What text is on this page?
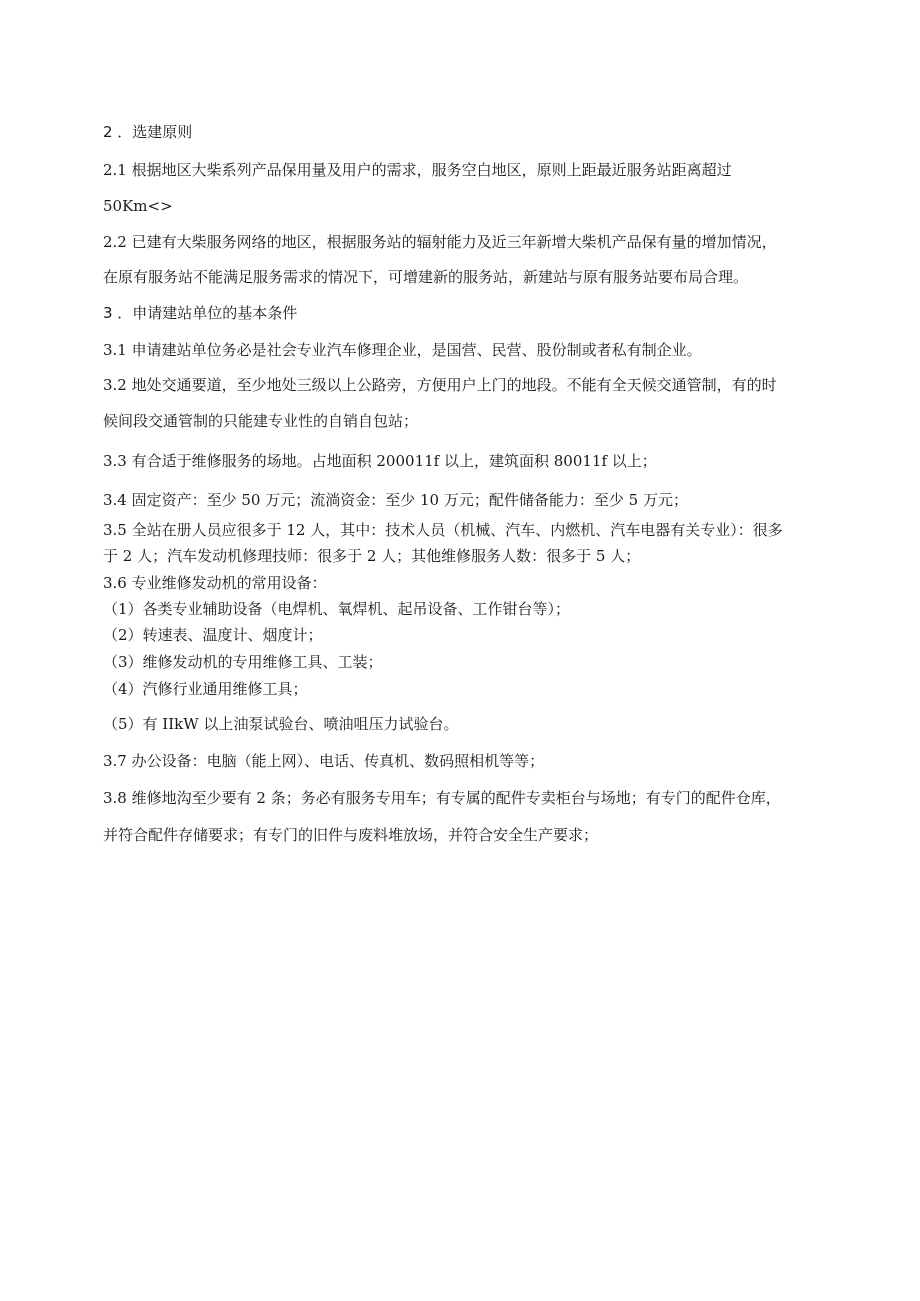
2 ．选建原则
2.1 根据地区大柴系列产品保用量及用户的需求，服务空白地区，原则上距最近服务站距离超过
50Km<>
2.2 已建有大柴服务网络的地区，根据服务站的辐射能力及近三年新增大柴机产品保有量的增加情况，
在原有服务站不能满足服务需求的情况下，可增建新的服务站，新建站与原有服务站要布局合理。
3 ．申请建站单位的基本条件
3.1 申请建站单位务必是社会专业汽车修理企业，是国营、民营、股份制或者私有制企业。
3.2 地处交通要道，至少地处三级以上公路旁，方便用户上门的地段。不能有全天候交通管制，有的时
候间段交通管制的只能建专业性的自销自包站；
3.3 有合适于维修服务的场地。占地面积 200011f 以上，建筑面积 80011f 以上；
3.4 固定资产：至少 50 万元；流淌资金：至少 10 万元；配件储备能力：至少 5 万元；
3.5 全站在册人员应很多于 12 人，其中：技术人员（机械、汽车、内燃机、汽车电器有关专业）：很多
于 2 人；汽车发动机修理技师：很多于 2 人；其他维修服务人数：很多于 5 人；
3.6 专业维修发动机的常用设备：
（1）各类专业辅助设备（电焊机、氧焊机、起吊设备、工作钳台等）；
（2）转速表、温度计、烟度计；
（3）维修发动机的专用维修工具、工装；
（4）汽修行业通用维修工具；
（5）有 IIkW 以上油泵试验台、喷油咀压力试验台。
3.7 办公设备：电脑（能上网）、电话、传真机、数码照相机等等；
3.8 维修地沟至少要有 2 条；务必有服务专用车；有专属的配件专卖柜台与场地；有专门的配件仓库，
并符合配件存储要求；有专门的旧件与废料堆放场，并符合安全生产要求；
